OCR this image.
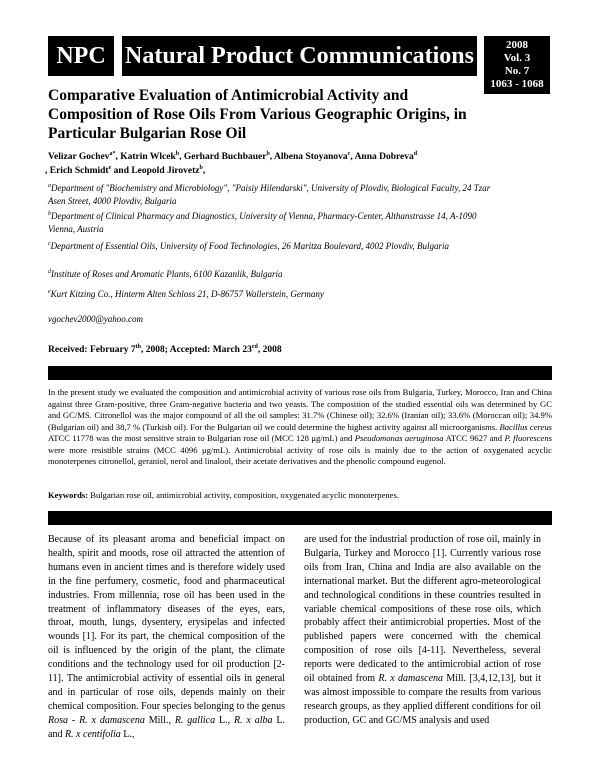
NPC Natural Product Communications	2008
Vol. 3
No. 7
1063 - 1068
Comparative Evaluation of Antimicrobial Activity and Composition of Rose Oils From Various Geographic Origins, in Particular Bulgarian Rose Oil
Velizar Gochev$^{a*}$, Katrin Wlcek$^b$, Gerhard Buchbauer$^b$, Albena Stoyanova$^c$, Anna Dobreva$^d$
, Erich Schmidt$^e$ and Leopold Jirovetz$^b$,
$^a$Department of "Biochemistry and Microbiology", "Paisiy Hilendarski", University of Plovdiv, Biological Faculty, 24 Tzar Asen Street, 4000 Plovdiv, Bulgaria
$^b$Department of Clinical Pharmacy and Diagnostics, University of Vienna, Pharmacy-Center, Althanstrasse 14, A-1090 Vienna, Austria
$^c$Department of Essential Oils, University of Food Technologies, 26 Maritza Boulevard, 4002 Plovdiv, Bulgaria
$^d$Institute of Roses and Aromatic Plants, 6100 Kazanlik, Bulgaria
$^e$Kurt Kitzing Co., Hinterm Alten Schloss 21, D-86757 Wallerstein, Germany
vgochev2000@yahoo.com
Received: February 7th, 2008; Accepted: March 23rd, 2008
In the present study we evaluated the composition and antimicrobial activity of various rose oils from Bulgaria, Turkey, Morocco, Iran and China against three Gram-positive, three Gram-negative bacteria and two yeasts. The composition of the studied essential oils was determined by GC and GC/MS. Citronellol was the major compound of all the oil samples: 31.7% (Chinese oil); 32.6% (Iranian oil); 33.6% (Moroccan oil); 34.9% (Bulgarian oil) and 38,7 % (Turkish oil). For the Bulgarian oil we could determine the highest activity against all microorganisms. Bacillus cereus ATCC 11778 was the most sensitive strain to Bulgarian rose oil (MCC 128 μg/mL) and Pseudomonas aeruginosa ATCC 9627 and P. fluorescens were more resistible strains (MCC 4096 μg/mL). Antimicrobial activity of rose oils is mainly due to the action of oxygenated acyclic monoterpenes citronellol, geraniol, nerol and linalool, their acetate derivatives and the phenolic compound eugenol.
Keywords: Bulgarian rose oil, antimicrobial activity, composition, oxygenated acyclic monoterpenes.
Because of its pleasant aroma and beneficial impact on health, spirit and moods, rose oil attracted the attention of humans even in ancient times and is therefore widely used in the fine perfumery, cosmetic, food and pharmaceutical industries. From millennia, rose oil has been used in the treatment of inflammatory diseases of the eyes, ears, throat, mouth, lungs, dysentery, erysipelas and infected wounds [1]. For its part, the chemical composition of the oil is influenced by the origin of the plant, the climate conditions and the technology used for oil production [2-11]. The antimicrobial activity of essential oils in general and in particular of rose oils, depends mainly on their chemical composition. Four species belonging to the genus Rosa - R. x damascena Mill., R. gallica L., R. x alba L. and R. x centifolia L.,
are used for the industrial production of rose oil, mainly in Bulgaria, Turkey and Morocco [1]. Currently various rose oils from Iran, China and India are also available on the international market. But the different agro-meteorological and technological conditions in these countries resulted in variable chemical compositions of these rose oils, which probably affect their antimicrobial properties. Most of the published papers were concerned with the chemical composition of rose oils [4-11]. Nevertheless, several reports were dedicated to the antimicrobial action of rose oil obtained from R. x damascena Mill. [3,4,12,13], but it was almost impossible to compare the results from various research groups, as they applied different conditions for oil production, GC and GC/MS analysis and used
